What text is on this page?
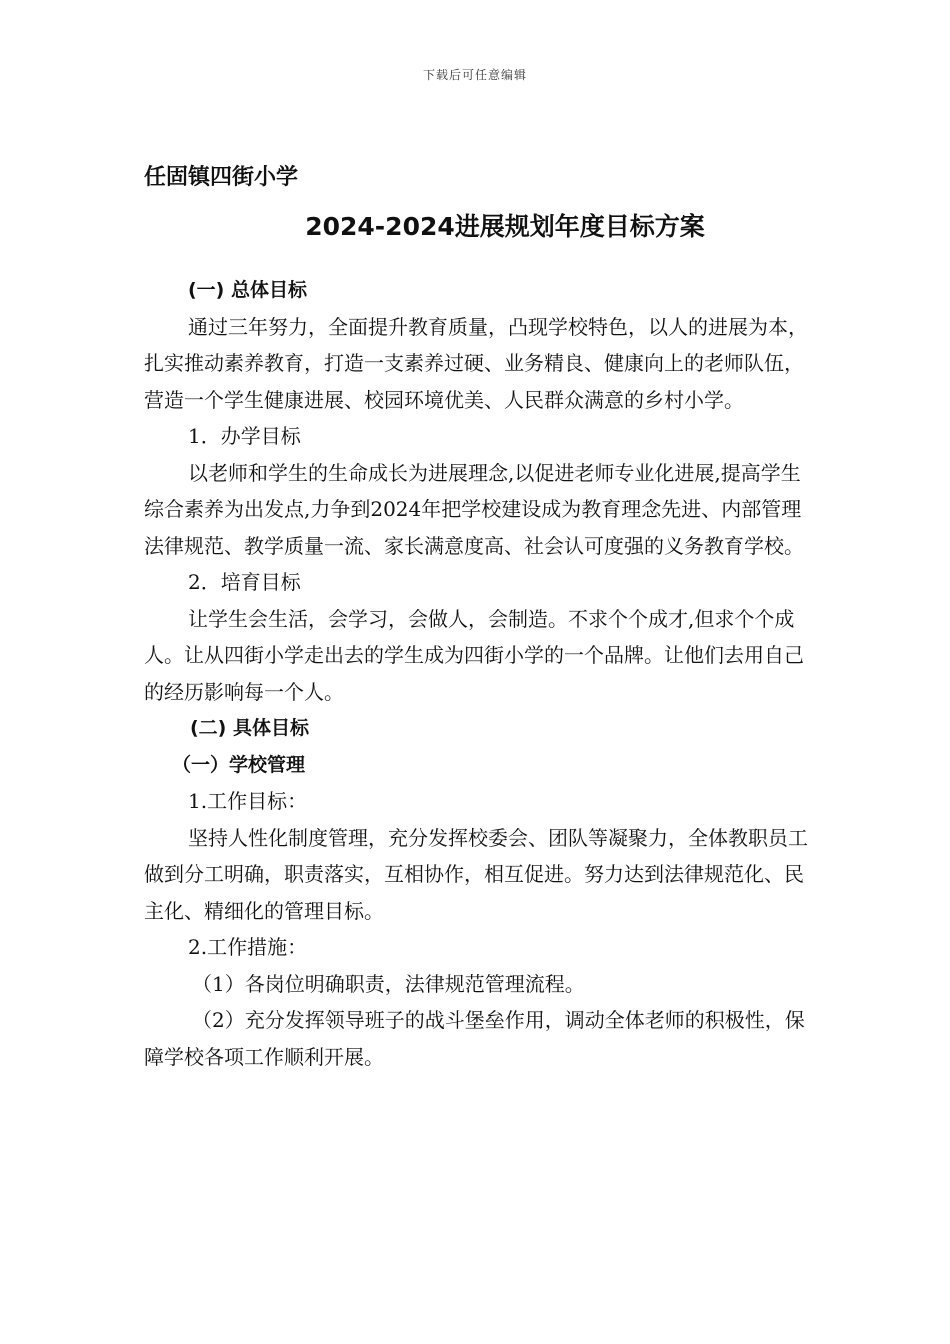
下载后可任意编辑
任固镇四街小学
2024-2024进展规划年度目标方案

(一) 总体目标

通过三年努力，全面提升教育质量，凸现学校特色，以人的进展为本，扎实推动素养教育，打造一支素养过硬、业务精良、健康向上的老师队伍，营造一个学生健康进展、校园环境优美、人民群众满意的乡村小学。

1．办学目标

以老师和学生的生命成长为进展理念,以促进老师专业化进展,提高学生综合素养为出发点,力争到2024年把学校建设成为教育理念先进、内部管理法律规范、教学质量一流、家长满意度高、社会认可度强的义务教育学校。

2．培育目标

让学生会生活，会学习，会做人，会制造。不求个个成才,但求个个成人。让从四街小学走出去的学生成为四街小学的一个品牌。让他们去用自己的经历影响每一个人。

(二) 具体目标

（一）学校管理

1.工作目标：

坚持人性化制度管理，充分发挥校委会、团队等凝聚力，全体教职员工做到分工明确，职责落实，互相协作，相互促进。努力达到法律规范化、民主化、精细化的管理目标。

2.工作措施：

（1）各岗位明确职责，法律规范管理流程。

（2）充分发挥领导班子的战斗堡垒作用，调动全体老师的积极性，保障学校各项工作顺利开展。
